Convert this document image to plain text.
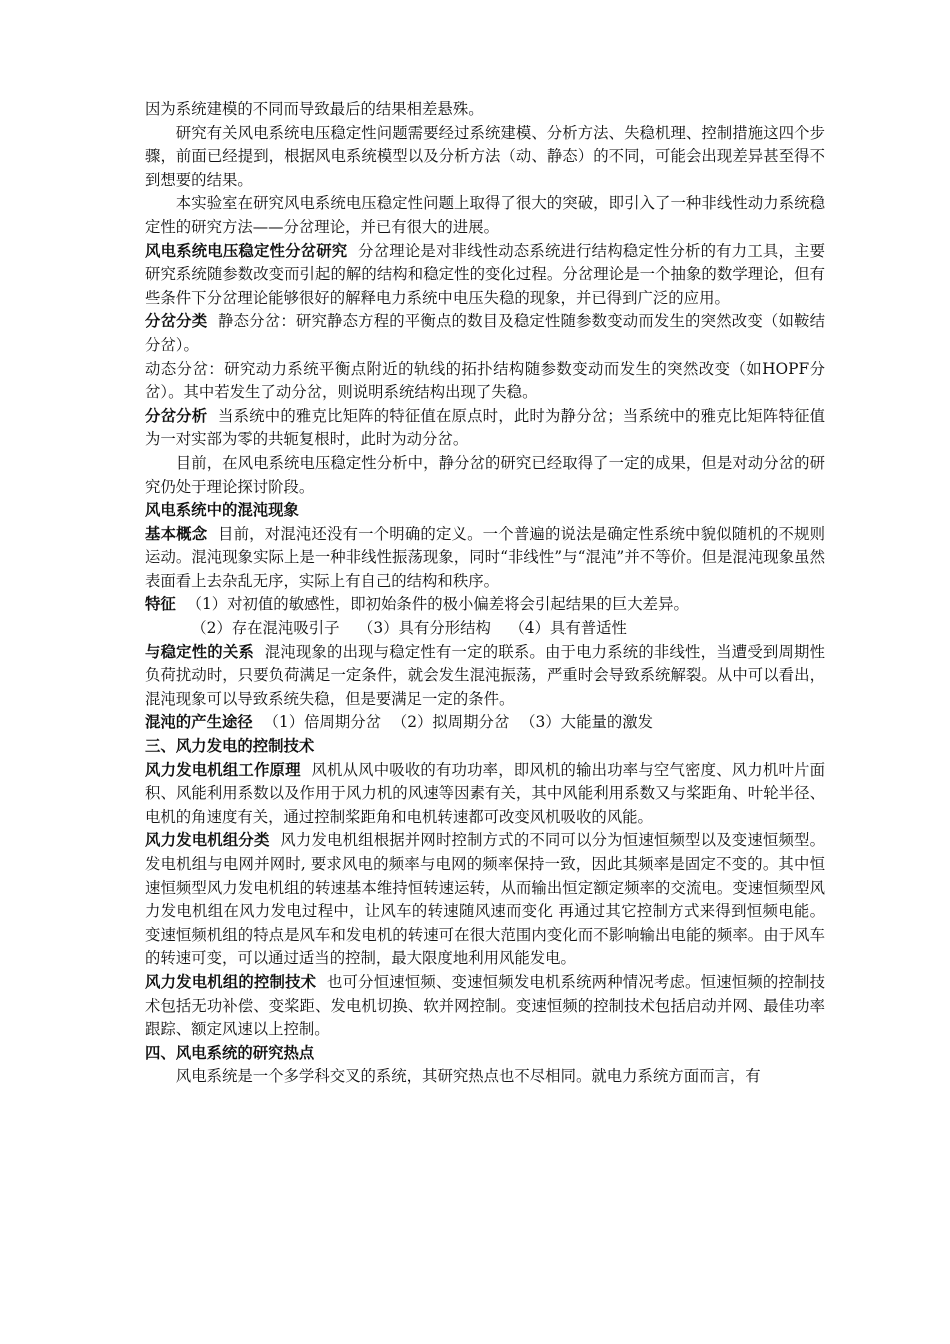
因为系统建模的不同而导致最后的结果相差悬殊。

研究有关风电系统电压稳定性问题需要经过系统建模、分析方法、失稳机理、控制措施这四个步骤，前面已经提到，根据风电系统模型以及分析方法（动、静态）的不同，可能会出现差异甚至得不到想要的结果。

本实验室在研究风电系统电压稳定性问题上取得了很大的突破，即引入了一种非线性动力系统稳定性的研究方法——分岔理论，并已有很大的进展。

风电系统电压稳定性分岔研究 分岔理论是对非线性动态系统进行结构稳定性分析的有力工具，主要研究系统随参数改变而引起的解的结构和稳定性的变化过程。分岔理论是一个抽象的数学理论，但有些条件下分岔理论能够很好的解释电力系统中电压失稳的现象，并已得到广泛的应用。

分岔分类 静态分岔：研究静态方程的平衡点的数目及稳定性随参数变动而发生的突然改变（如鞍结分岔）。

动态分岔：研究动力系统平衡点附近的轨线的拓扑结构随参数变动而发生的突然改变（如HOPF分岔）。其中若发生了动分岔，则说明系统结构出现了失稳。

分岔分析 当系统中的雅克比矩阵的特征值在原点时，此时为静分岔；当系统中的雅克比矩阵特征值为一对实部为零的共轭复根时，此时为动分岔。

目前，在风电系统电压稳定性分析中，静分岔的研究已经取得了一定的成果，但是对动分岔的研究仍处于理论探讨阶段。

风电系统中的混沌现象

基本概念 目前，对混沌还没有一个明确的定义。一个普遍的说法是确定性系统中貌似随机的不规则运动。混沌现象实际上是一种非线性振荡现象，同时“非线性”与“混沌”并不等价。但是混沌现象虽然表面看上去杂乱无序，实际上有自己的结构和秩序。

特征 （1）对初值的敏感性，即初始条件的极小偏差将会引起结果的巨大差异。

（2）存在混沌吸引子 （3）具有分形结构 （4）具有普适性

与稳定性的关系 混沌现象的出现与稳定性有一定的联系。由于电力系统的非线性，当遭受到周期性负荷扰动时，只要负荷满足一定条件，就会发生混沌振荡，严重时会导致系统解裂。从中可以看出，混沌现象可以导致系统失稳，但是要满足一定的条件。

混沌的产生途径 （1）倍周期分岔 （2）拟周期分岔 （3）大能量的激发

三、风力发电的控制技术

风力发电机组工作原理 风机从风中吸收的有功功率，即风机的输出功率与空气密度、风力机叶片面积、风能利用系数以及作用于风力机的风速等因素有关，其中风能利用系数又与桨距角、叶轮半径、电机的角速度有关，通过控制桨距角和电机转速都可改变风机吸收的风能。

风力发电机组分类 风力发电机组根据并网时控制方式的不同可以分为恒速恒频型以及变速恒频型。发电机组与电网并网时, 要求风电的频率与电网的频率保持一致，因此其频率是固定不变的。其中恒速恒频型风力发电机组的转速基本维持恒转速运转，从而输出恒定额定频率的交流电。变速恒频型风力发电机组在风力发电过程中，让风车的转速随风速而变化 再通过其它控制方式来得到恒频电能。变速恒频机组的特点是风车和发电机的转速可在很大范围内变化而不影响输出电能的频率。由于风车的转速可变，可以通过适当的控制，最大限度地利用风能发电。

风力发电机组的控制技术 也可分恒速恒频、变速恒频发电机系统两种情况考虑。恒速恒频的控制技术包括无功补偿、变桨距、发电机切换、软并网控制。变速恒频的控制技术包括启动并网、最佳功率跟踪、额定风速以上控制。

四、风电系统的研究热点

风电系统是一个多学科交叉的系统，其研究热点也不尽相同。就电力系统方面而言，有
